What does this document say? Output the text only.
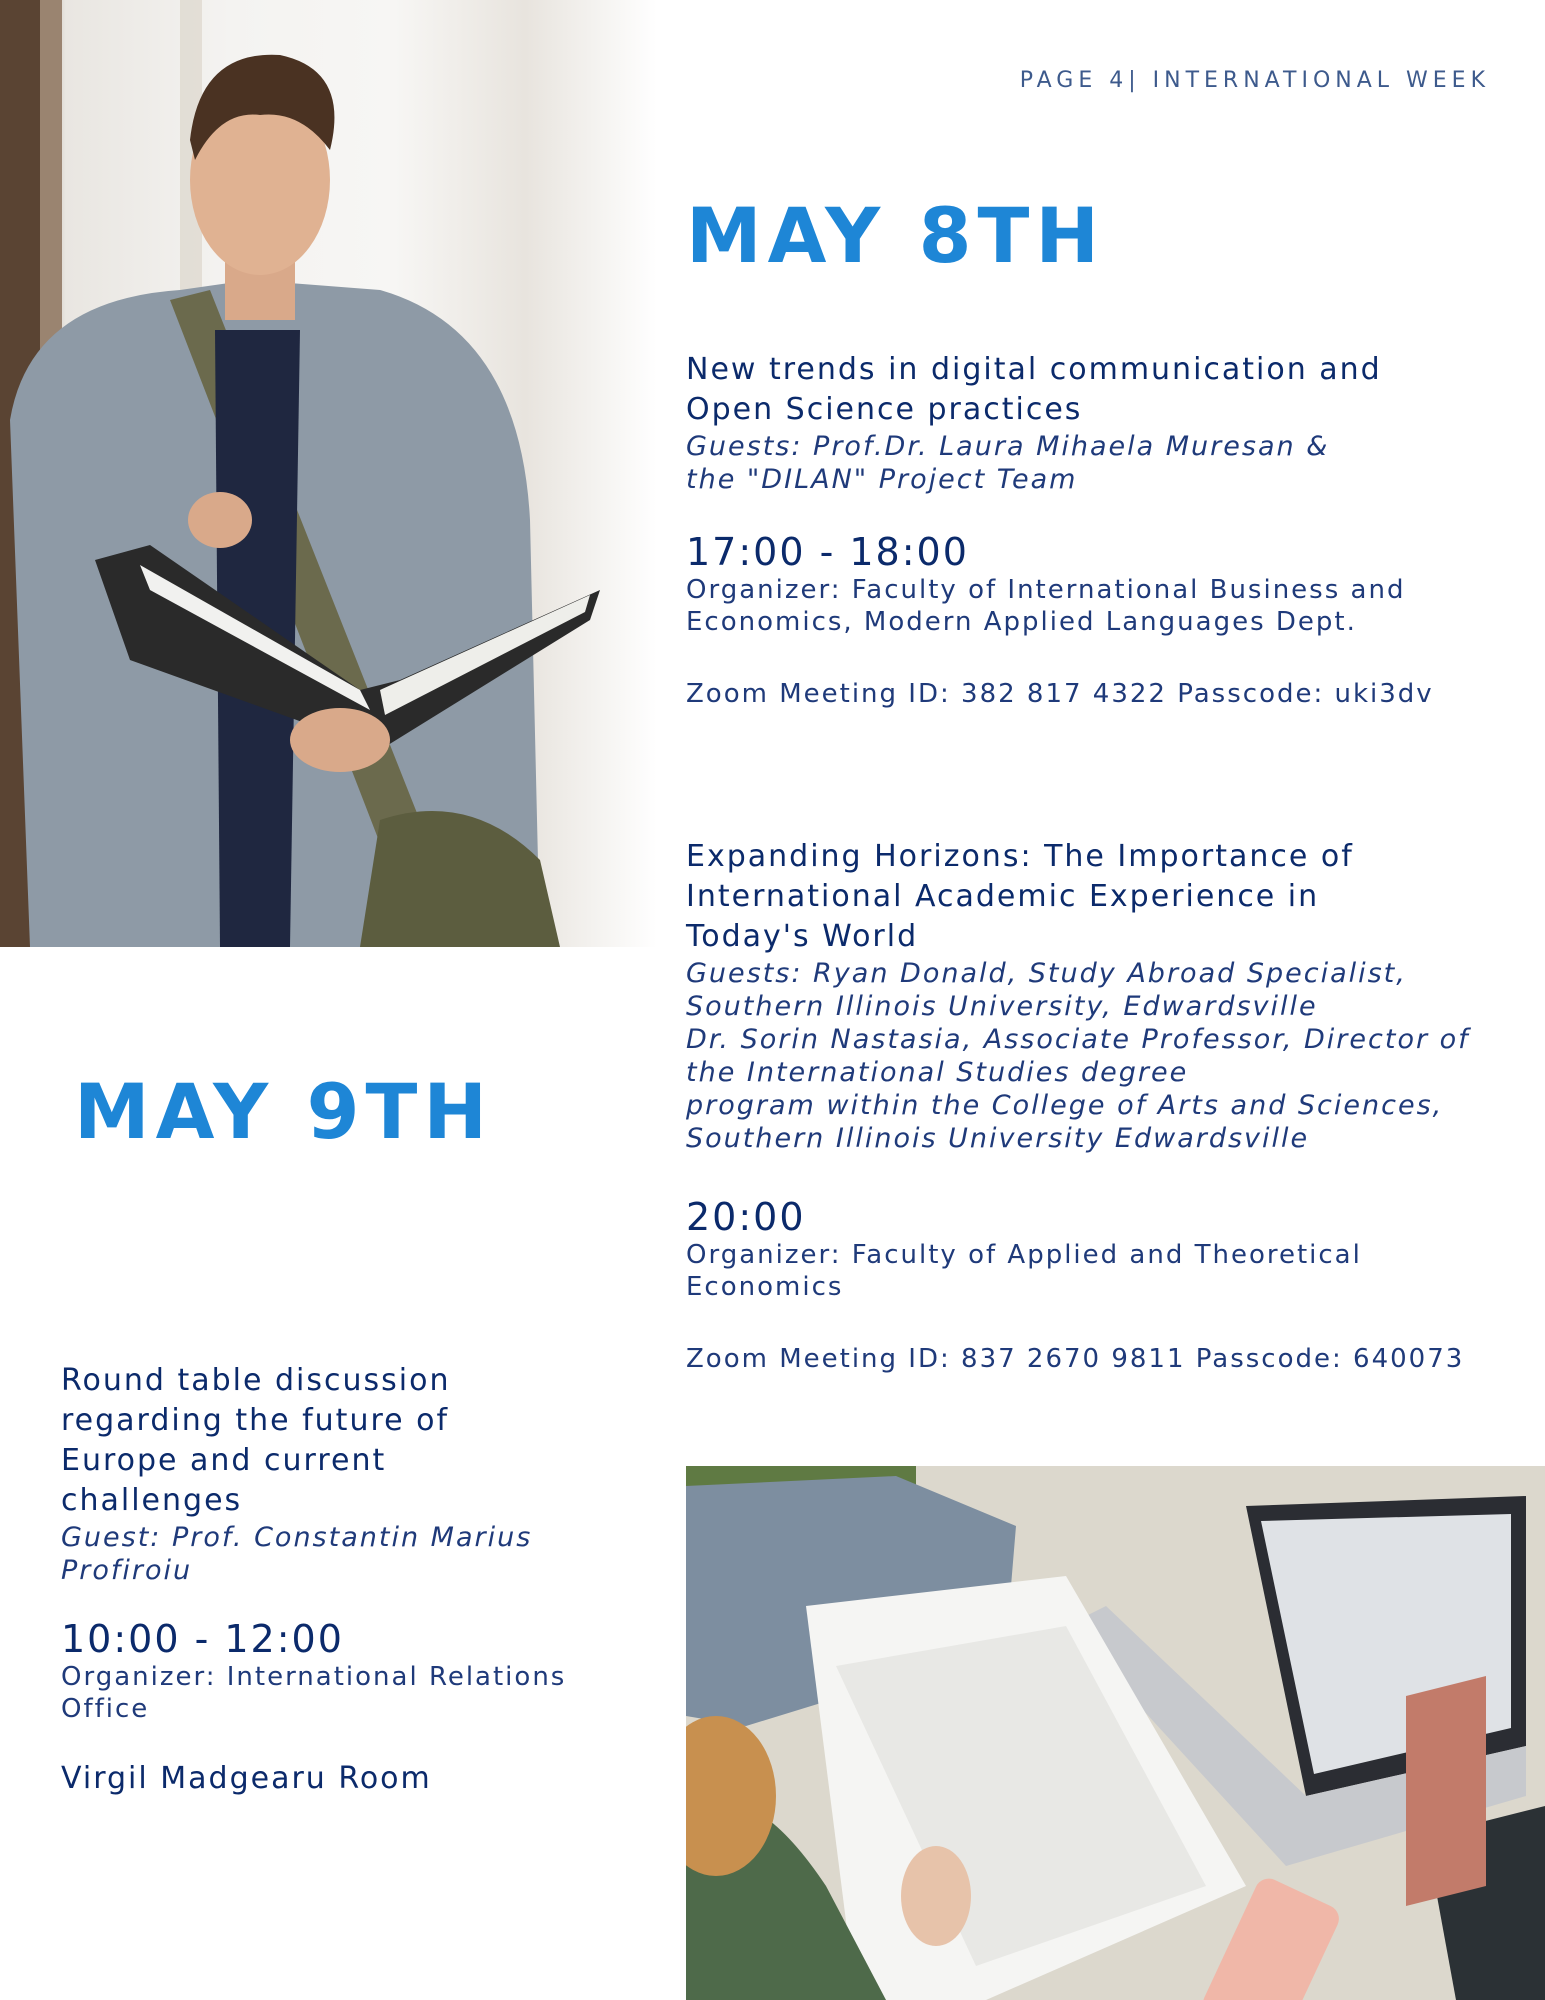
PAGE 4| INTERNATIONAL WEEK
MAY 8TH
New trends in digital communication and
Open Science practices
Guests: Prof.Dr. Laura Mihaela Muresan &
the "DILAN" Project Team
17:00 - 18:00
Organizer: Faculty of International Business and
Economics, Modern Applied Languages Dept.
Zoom Meeting ID: 382 817 4322 Passcode: uki3dv
Expanding Horizons: The Importance of
International Academic Experience in
Today's World
Guests: Ryan Donald, Study Abroad Specialist,
Southern Illinois University, Edwardsville
Dr. Sorin Nastasia, Associate Professor, Director of
the International Studies degree
program within the College of Arts and Sciences,
Southern Illinois University Edwardsville
20:00
Organizer: Faculty of Applied and Theoretical
Economics
Zoom Meeting ID: 837 2670 9811 Passcode: 640073
MAY 9TH
Round table discussion
regarding the future of
Europe and current
challenges
Guest: Prof. Constantin Marius
Profiroiu
10:00 - 12:00
Organizer: International Relations
Office
Virgil Madgearu Room
